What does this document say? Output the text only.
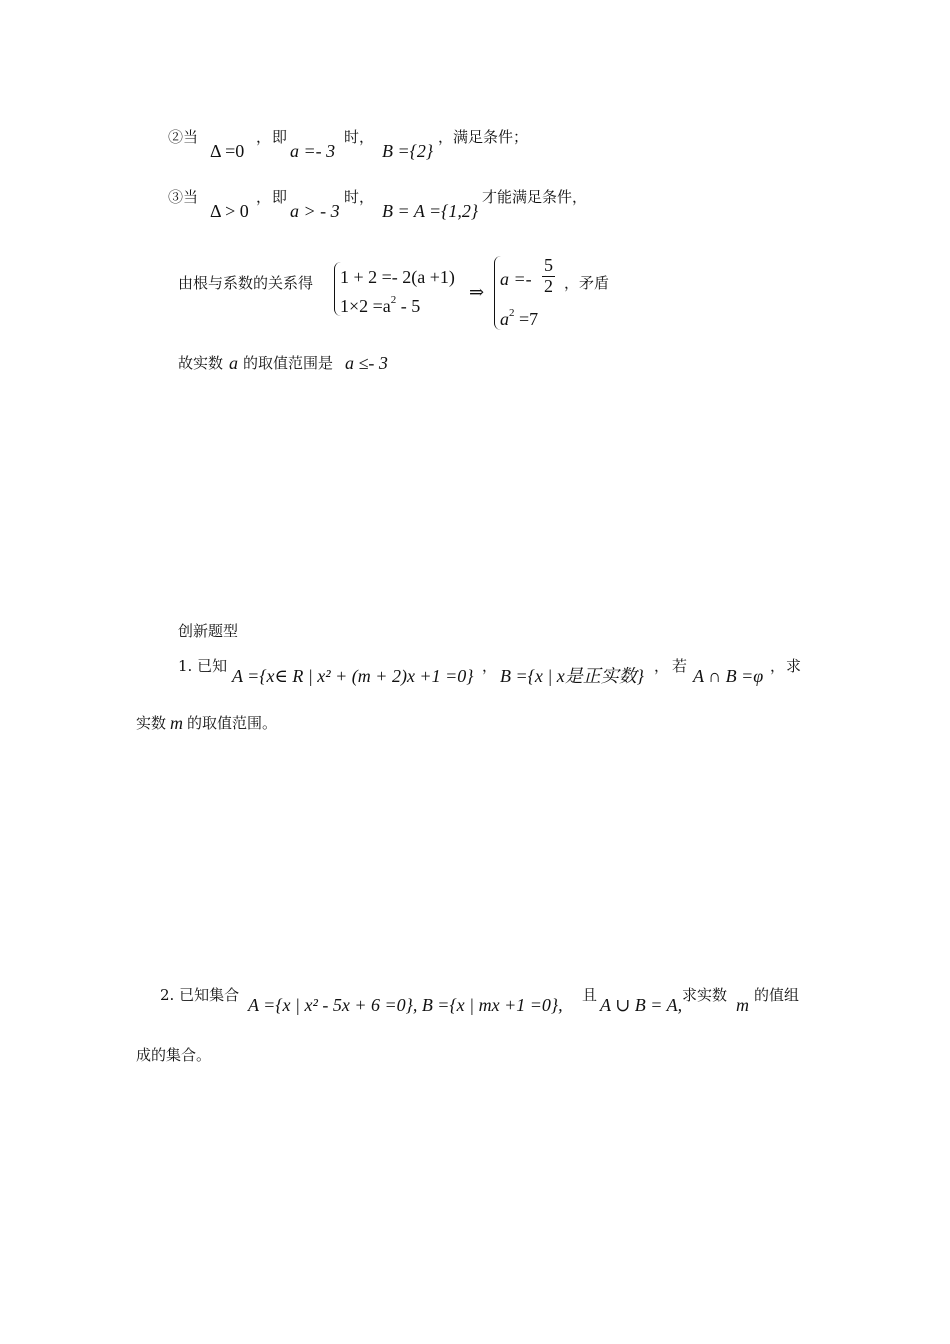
②当
Δ =0
， 即
a =- 3
时，
B ={2}
，满足条件；
③当
Δ > 0
， 即
a > - 3
时，
B = A ={1,2}
才能满足条件，
由根与系数的关系得 1 + 2 =- 2(a +1)
$1\times 2 =a^2 - 5$
⇒
$a =- \frac{5}{2}$ ，矛盾
$a^2 =7$
故实数 a 的取值范围是 a ≤- 3
创新题型
1. 已知 A ={x∈ R | x² + (m + 2)x +1 =0} ， B ={x | x是正实数} ， 若 A ∩ B =φ ， 求
实数 m 的取值范围。
2. 已知集合 A ={x | x² - 5x + 6 =0}, B ={x | mx +1 =0}, 且 A ∪ B = A, 求实数 m 的值组
成的集合。
